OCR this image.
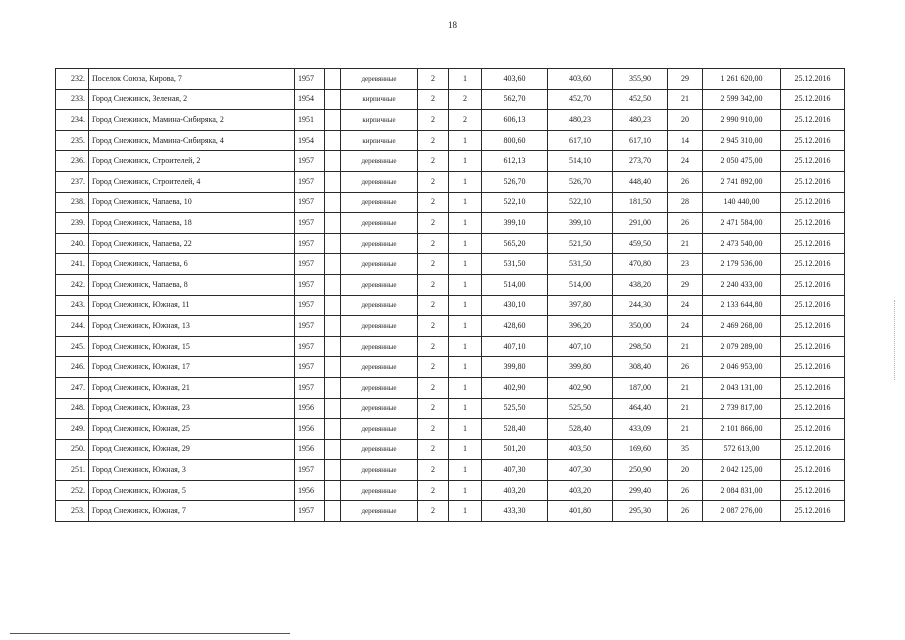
18
232.	Поселок Союза, Кирова, 7	1957		деревянные	2	1	403,60	403,60	355,90	29	1 261 620,00	25.12.2016
233.	Город Снежинск, Зеленая, 2	1954		кирпичные	2	2	562,70	452,70	452,50	21	2 599 342,00	25.12.2016
234.	Город Снежинск, Мамина-Сибиряка, 2	1951		кирпичные	2	2	606,13	480,23	480,23	20	2 990 910,00	25.12.2016
235.	Город Снежинск, Мамина-Сибиряка, 4	1954		кирпичные	2	1	800,60	617,10	617,10	14	2 945 310,00	25.12.2016
236.	Город Снежинск, Строителей, 2	1957		деревянные	2	1	612,13	514,10	273,70	24	2 050 475,00	25.12.2016
237.	Город Снежинск, Строителей, 4	1957		деревянные	2	1	526,70	526,70	448,40	26	2 741 892,00	25.12.2016
238.	Город Снежинск, Чапаева, 10	1957		деревянные	2	1	522,10	522,10	181,50	28	140 440,00	25.12.2016
239.	Город Снежинск, Чапаева, 18	1957		деревянные	2	1	399,10	399,10	291,00	26	2 471 584,00	25.12.2016
240.	Город Снежинск, Чапаева, 22	1957		деревянные	2	1	565,20	521,50	459,50	21	2 473 540,00	25.12.2016
241.	Город Снежинск, Чапаева, 6	1957		деревянные	2	1	531,50	531,50	470,80	23	2 179 536,00	25.12.2016
242.	Город Снежинск, Чапаева, 8	1957		деревянные	2	1	514,00	514,00	438,20	29	2 240 433,00	25.12.2016
243.	Город Снежинск, Южная, 11	1957		деревянные	2	1	430,10	397,80	244,30	24	2 133 644,80	25.12.2016
244.	Город Снежинск, Южная, 13	1957		деревянные	2	1	428,60	396,20	350,00	24	2 469 268,00	25.12.2016
245.	Город Снежинск, Южная, 15	1957		деревянные	2	1	407,10	407,10	298,50	21	2 079 289,00	25.12.2016
246.	Город Снежинск, Южная, 17	1957		деревянные	2	1	399,80	399,80	308,40	26	2 046 953,00	25.12.2016
247.	Город Снежинск, Южная, 21	1957		деревянные	2	1	402,90	402,90	187,00	21	2 043 131,00	25.12.2016
248.	Город Снежинск, Южная, 23	1956		деревянные	2	1	525,50	525,50	464,40	21	2 739 817,00	25.12.2016
249.	Город Снежинск, Южная, 25	1956		деревянные	2	1	528,40	528,40	433,09	21	2 101 866,00	25.12.2016
250.	Город Снежинск, Южная, 29	1956		деревянные	2	1	501,20	403,50	169,60	35	572 613,00	25.12.2016
251.	Город Снежинск, Южная, 3	1957		деревянные	2	1	407,30	407,30	250,90	20	2 042 125,00	25.12.2016
252.	Город Снежинск, Южная, 5	1956		деревянные	2	1	403,20	403,20	299,40	26	2 084 831,00	25.12.2016
253.	Город Снежинск, Южная, 7	1957		деревянные	2	1	433,30	401,80	295,30	26	2 087 276,00	25.12.2016
